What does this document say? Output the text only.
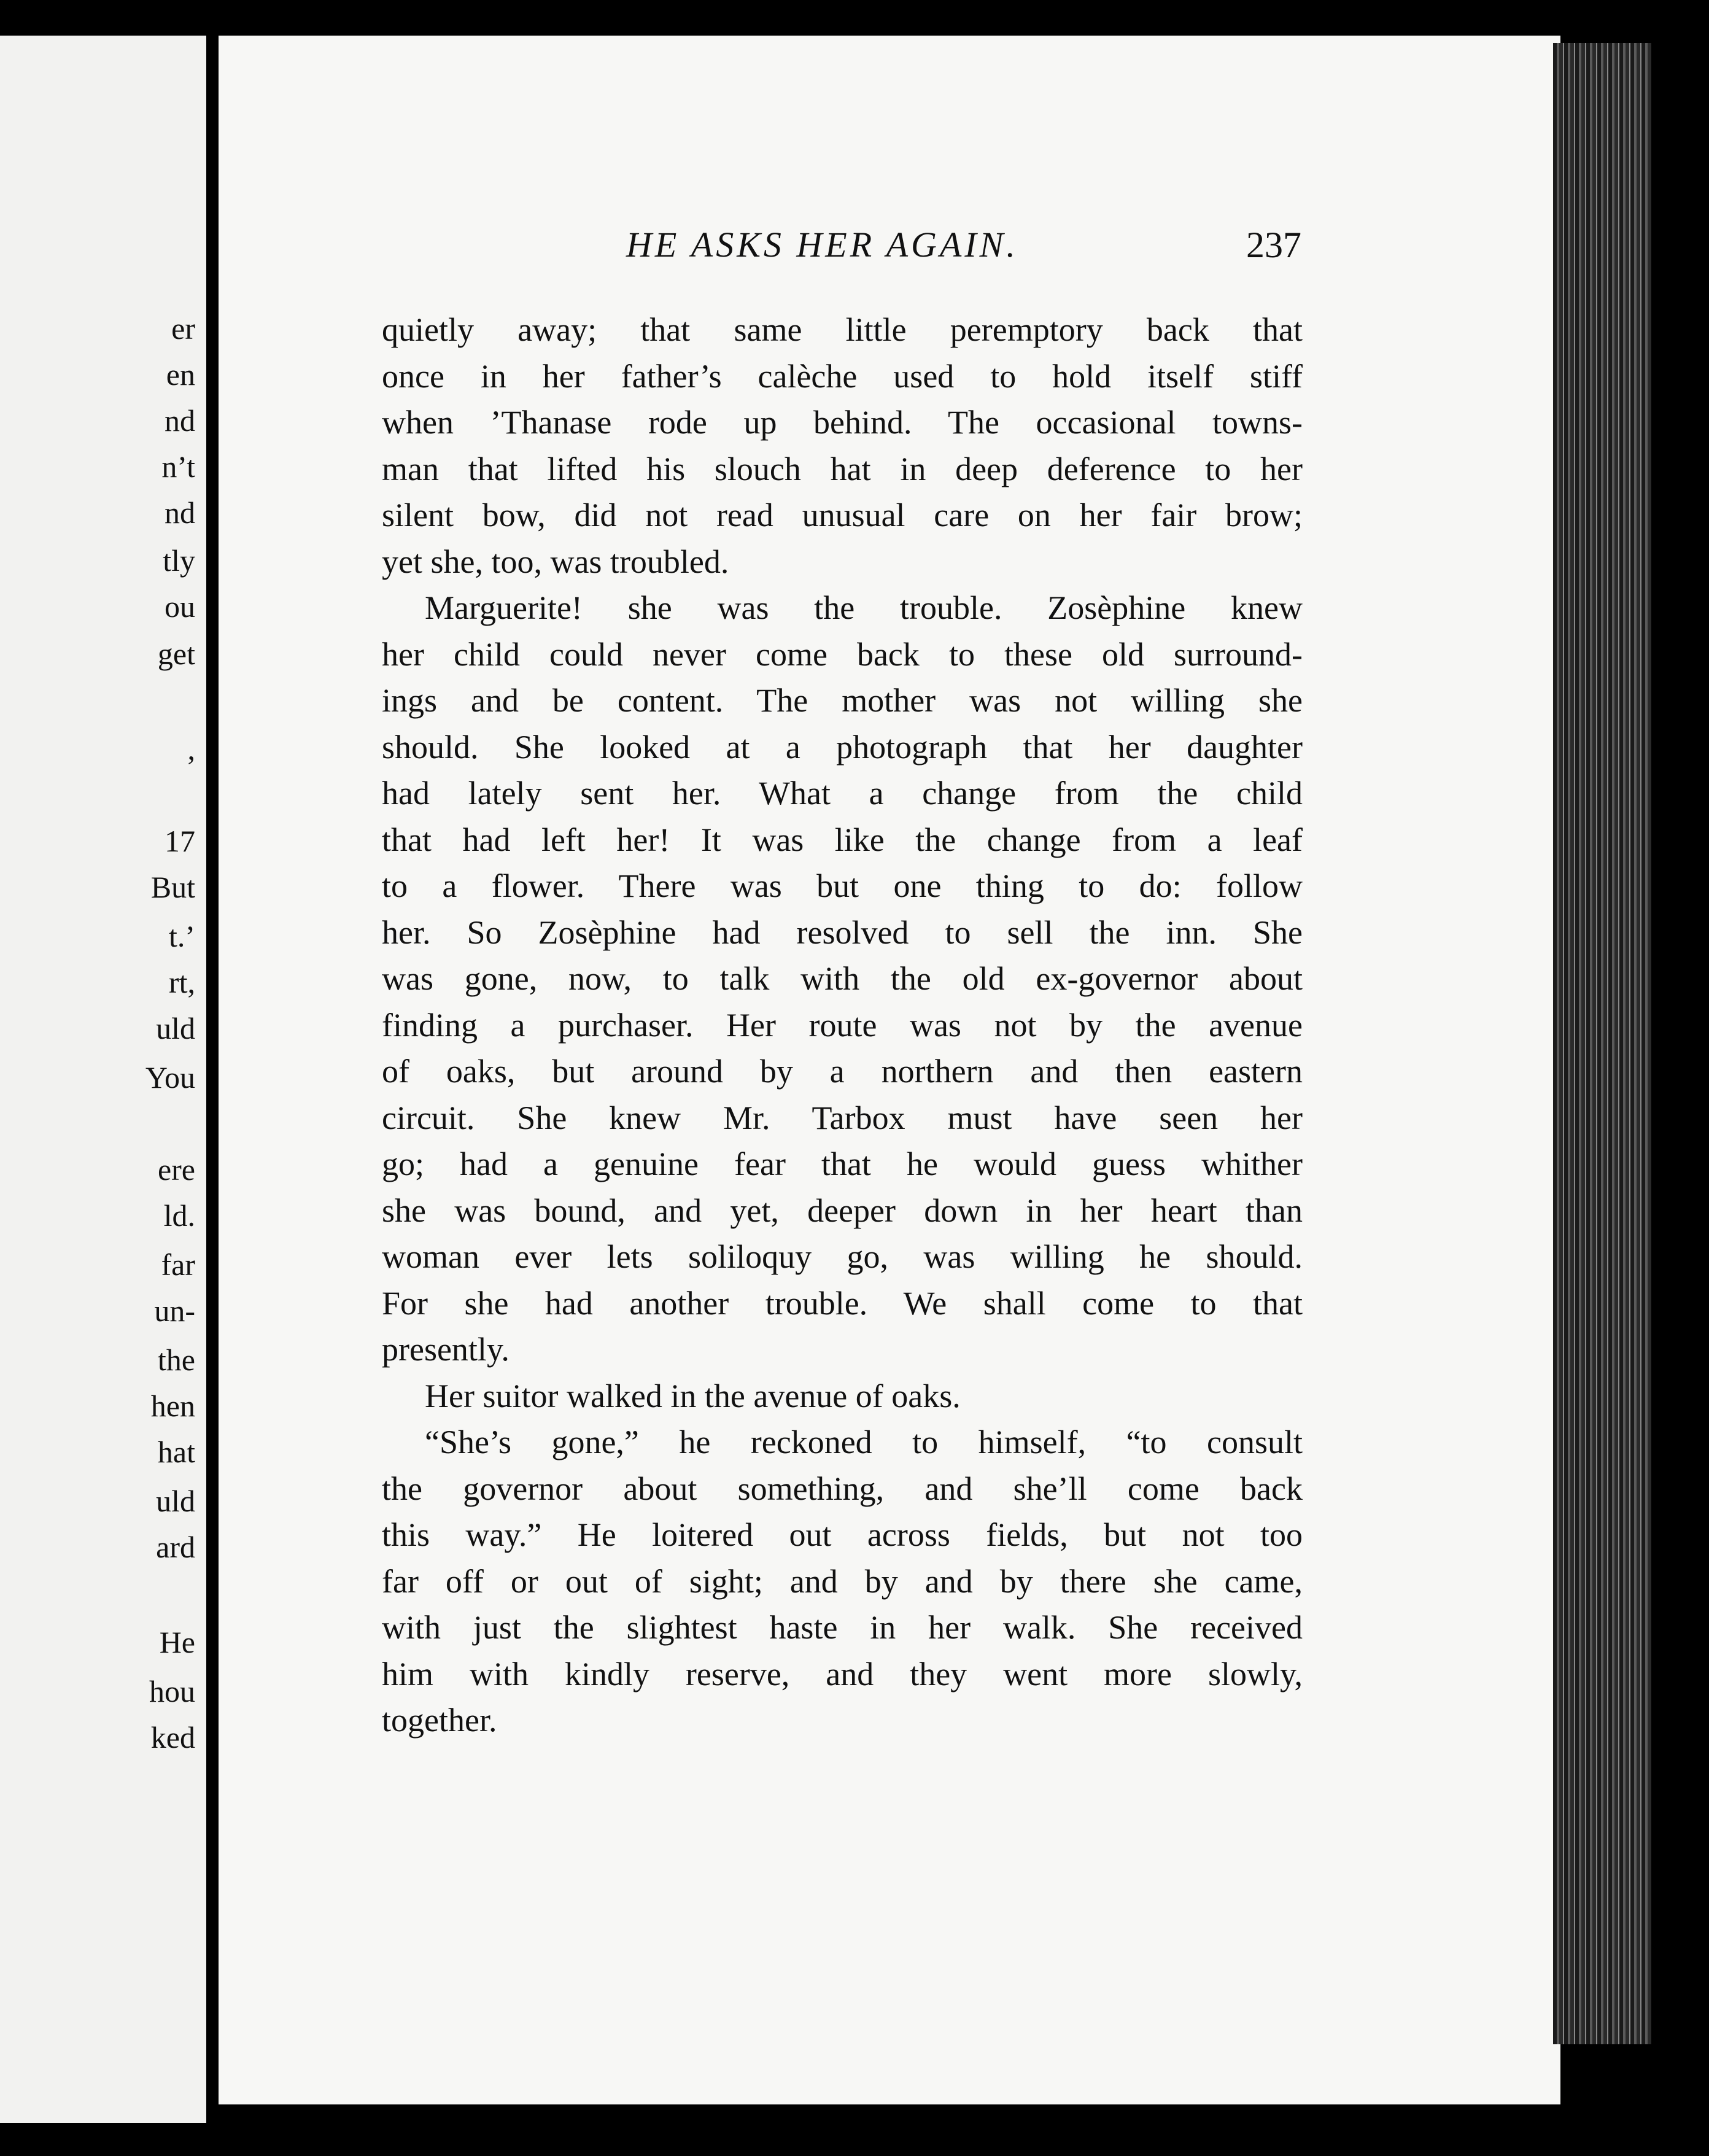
er
en
nd
n’t
nd
tly
ou
get
,
17
But
t.’
rt,
uld
You
ere
ld.
far
un-
the
hen
hat
uld
ard
He
hou
ked
HE ASKS HER AGAIN.	237
quietly away; that same little peremptory back that
once in her father’s calèche used to hold itself stiff
when ’Thanase rode up behind. The occasional towns-
man that lifted his slouch hat in deep deference to her
silent bow, did not read unusual care on her fair brow;
yet she, too, was troubled.
Marguerite! she was the trouble. Zosèphine knew
her child could never come back to these old surround-
ings and be content. The mother was not willing she
should. She looked at a photograph that her daughter
had lately sent her. What a change from the child
that had left her! It was like the change from a leaf
to a flower. There was but one thing to do: follow
her. So Zosèphine had resolved to sell the inn. She
was gone, now, to talk with the old ex-governor about
finding a purchaser. Her route was not by the avenue
of oaks, but around by a northern and then eastern
circuit. She knew Mr. Tarbox must have seen her
go; had a genuine fear that he would guess whither
she was bound, and yet, deeper down in her heart than
woman ever lets soliloquy go, was willing he should.
For she had another trouble. We shall come to that
presently.
Her suitor walked in the avenue of oaks.
“She’s gone,” he reckoned to himself, “to consult
the governor about something, and she’ll come back
this way.” He loitered out across fields, but not too
far off or out of sight; and by and by there she came,
with just the slightest haste in her walk. She received
him with kindly reserve, and they went more slowly,
together.
